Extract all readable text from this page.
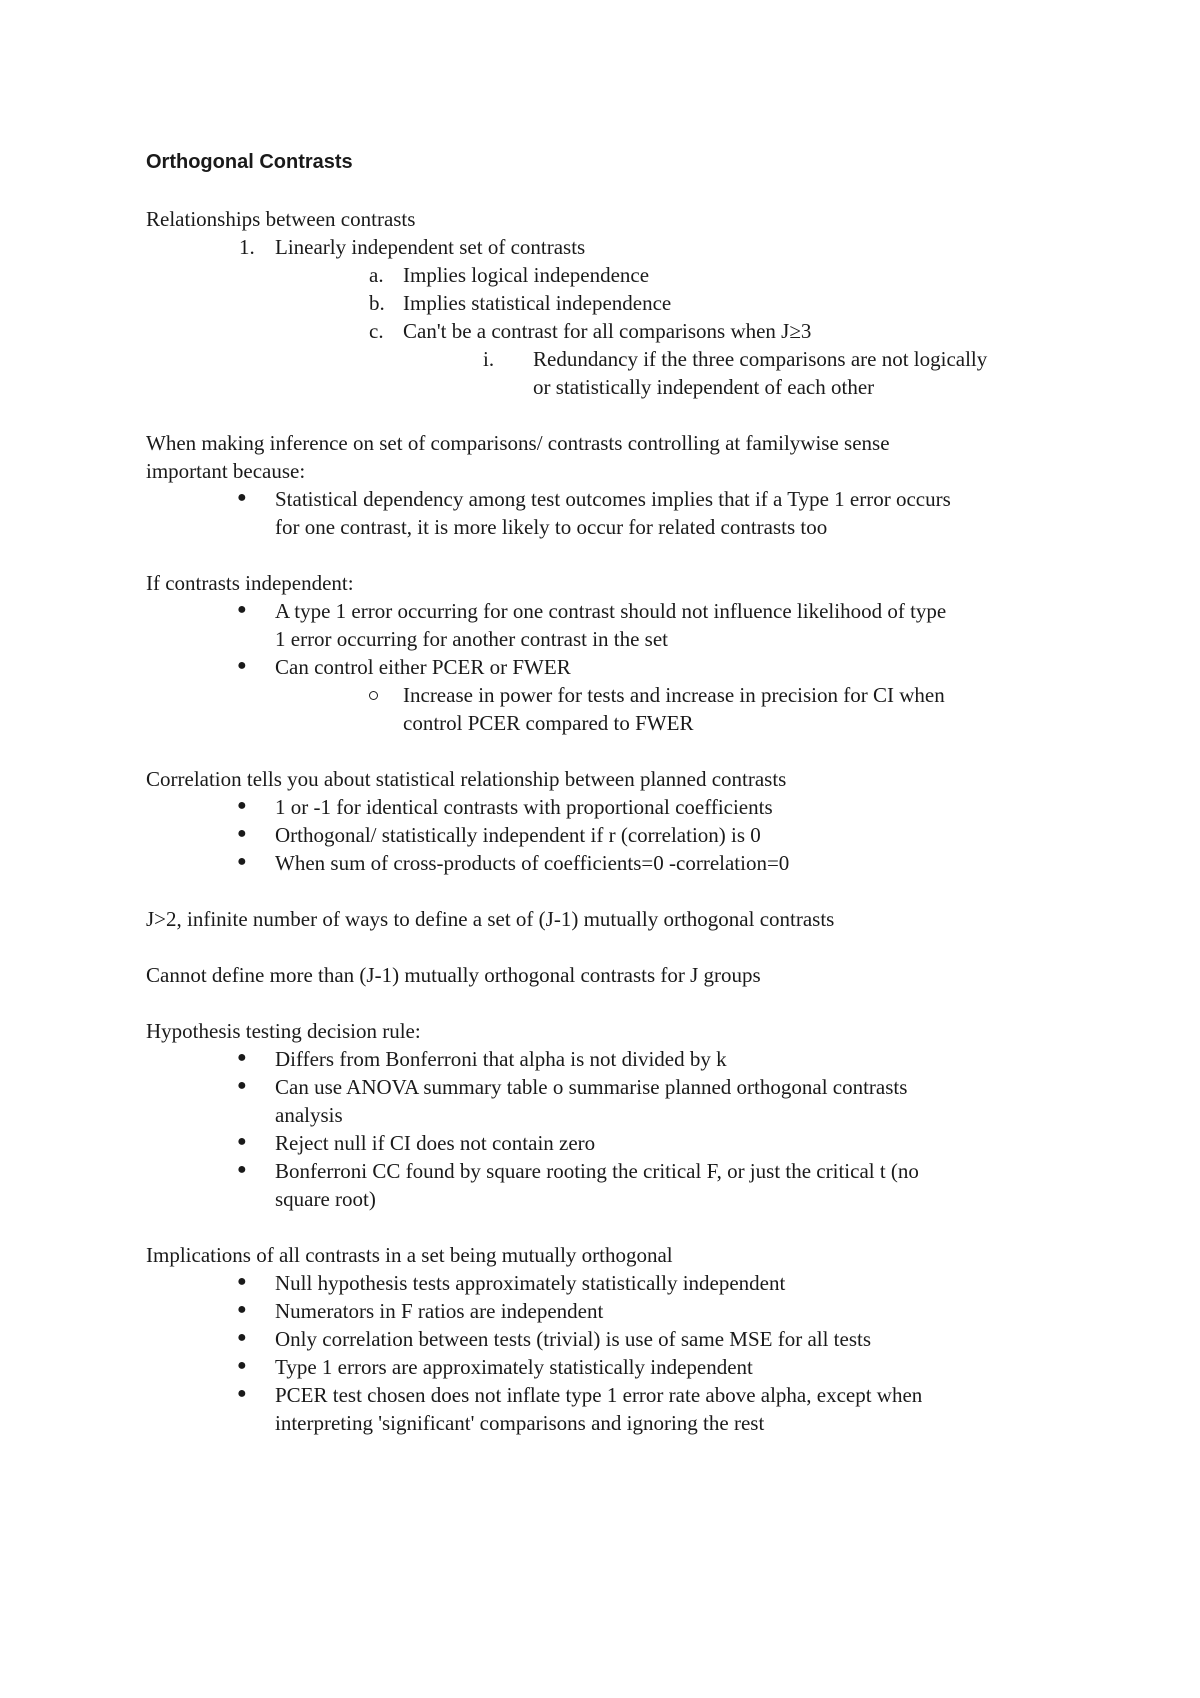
Orthogonal Contrasts
Relationships between contrasts
1. Linearly independent set of contrasts
a. Implies logical independence
b. Implies statistical independence
c. Can't be a contrast for all comparisons when J≥3
i. Redundancy if the three comparisons are not logically
or statistically independent of each other
When making inference on set of comparisons/ contrasts controlling at familywise sense
important because:
● Statistical dependency among test outcomes implies that if a Type 1 error occurs
for one contrast, it is more likely to occur for related contrasts too
If contrasts independent:
● A type 1 error occurring for one contrast should not influence likelihood of type
1 error occurring for another contrast in the set
● Can control either PCER or FWER
Increase in power for tests and increase in precision for CI when
control PCER compared to FWER
Correlation tells you about statistical relationship between planned contrasts
● 1 or -1 for identical contrasts with proportional coefficients
● Orthogonal/ statistically independent if r (correlation) is 0
● When sum of cross-products of coefficients=0 -correlation=0
J>2, infinite number of ways to define a set of (J-1) mutually orthogonal contrasts
Cannot define more than (J-1) mutually orthogonal contrasts for J groups
Hypothesis testing decision rule:
● Differs from Bonferroni that alpha is not divided by k
● Can use ANOVA summary table o summarise planned orthogonal contrasts
analysis
● Reject null if CI does not contain zero
● Bonferroni CC found by square rooting the critical F, or just the critical t (no
square root)
Implications of all contrasts in a set being mutually orthogonal
● Null hypothesis tests approximately statistically independent
● Numerators in F ratios are independent
● Only correlation between tests (trivial) is use of same MSE for all tests
● Type 1 errors are approximately statistically independent
● PCER test chosen does not inflate type 1 error rate above alpha, except when
interpreting 'significant' comparisons and ignoring the rest
